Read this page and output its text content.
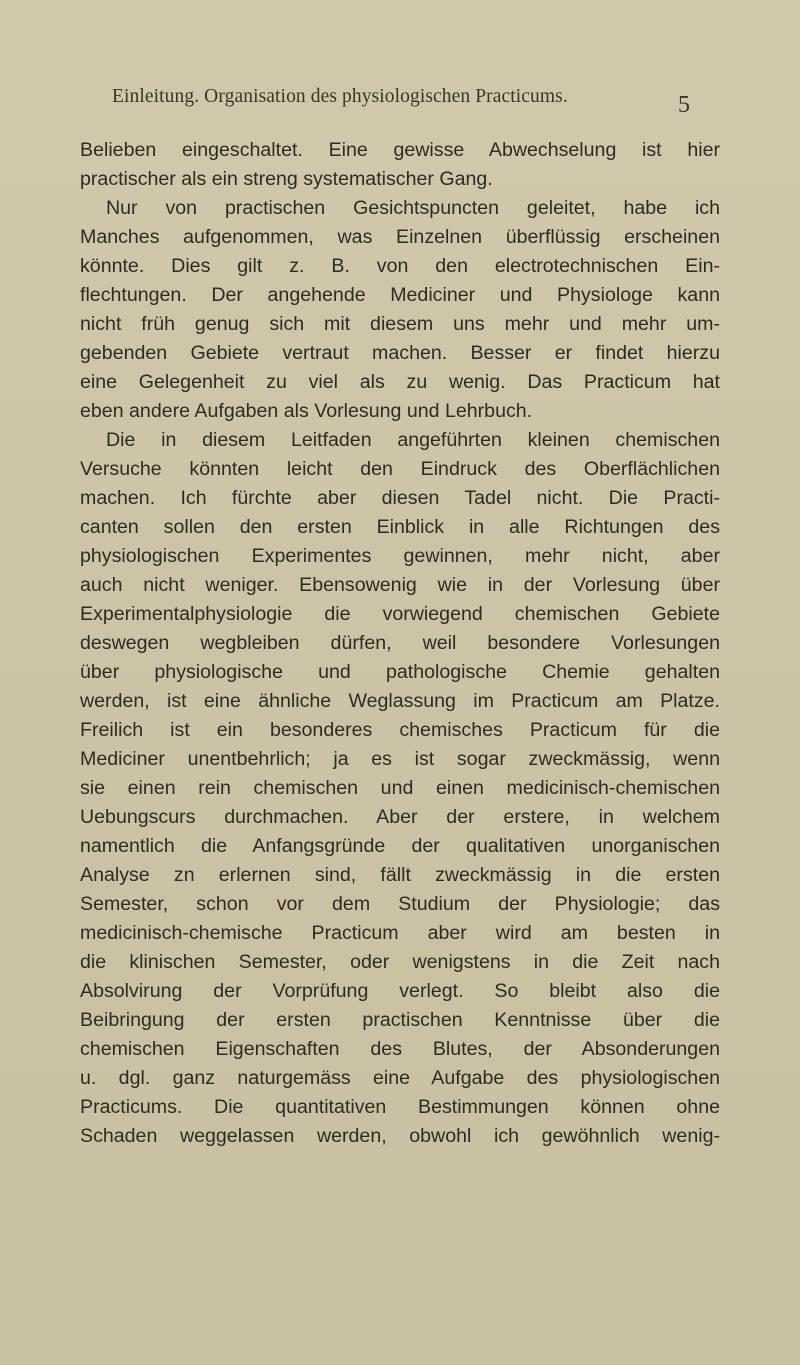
Einleitung. Organisation des physiologischen Practicums.	5
Belieben eingeschaltet. Eine gewisse Abwechselung ist hier
practischer als ein streng systematischer Gang.
Nur von practischen Gesichtspuncten geleitet, habe ich
Manches aufgenommen, was Einzelnen überflüssig erscheinen
könnte. Dies gilt z. B. von den electrotechnischen Ein-
flechtungen. Der angehende Mediciner und Physiologe kann
nicht früh genug sich mit diesem uns mehr und mehr um-
gebenden Gebiete vertraut machen. Besser er findet hierzu
eine Gelegenheit zu viel als zu wenig. Das Practicum hat
eben andere Aufgaben als Vorlesung und Lehrbuch.
Die in diesem Leitfaden angeführten kleinen chemischen
Versuche könnten leicht den Eindruck des Oberflächlichen
machen. Ich fürchte aber diesen Tadel nicht. Die Practi-
canten sollen den ersten Einblick in alle Richtungen des
physiologischen Experimentes gewinnen, mehr nicht, aber
auch nicht weniger. Ebensowenig wie in der Vorlesung über
Experimentalphysiologie die vorwiegend chemischen Gebiete
deswegen wegbleiben dürfen, weil besondere Vorlesungen
über physiologische und pathologische Chemie gehalten
werden, ist eine ähnliche Weglassung im Practicum am Platze.
Freilich ist ein besonderes chemisches Practicum für die
Mediciner unentbehrlich; ja es ist sogar zweckmässig, wenn
sie einen rein chemischen und einen medicinisch-chemischen
Uebungscurs durchmachen. Aber der erstere, in welchem
namentlich die Anfangsgründe der qualitativen unorganischen
Analyse zn erlernen sind, fällt zweckmässig in die ersten
Semester, schon vor dem Studium der Physiologie; das
medicinisch-chemische Practicum aber wird am besten in
die klinischen Semester, oder wenigstens in die Zeit nach
Absolvirung der Vorprüfung verlegt. So bleibt also die
Beibringung der ersten practischen Kenntnisse über die
chemischen Eigenschaften des Blutes, der Absonderungen
u. dgl. ganz naturgemäss eine Aufgabe des physiologischen
Practicums. Die quantitativen Bestimmungen können ohne
Schaden weggelassen werden, obwohl ich gewöhnlich wenig-
